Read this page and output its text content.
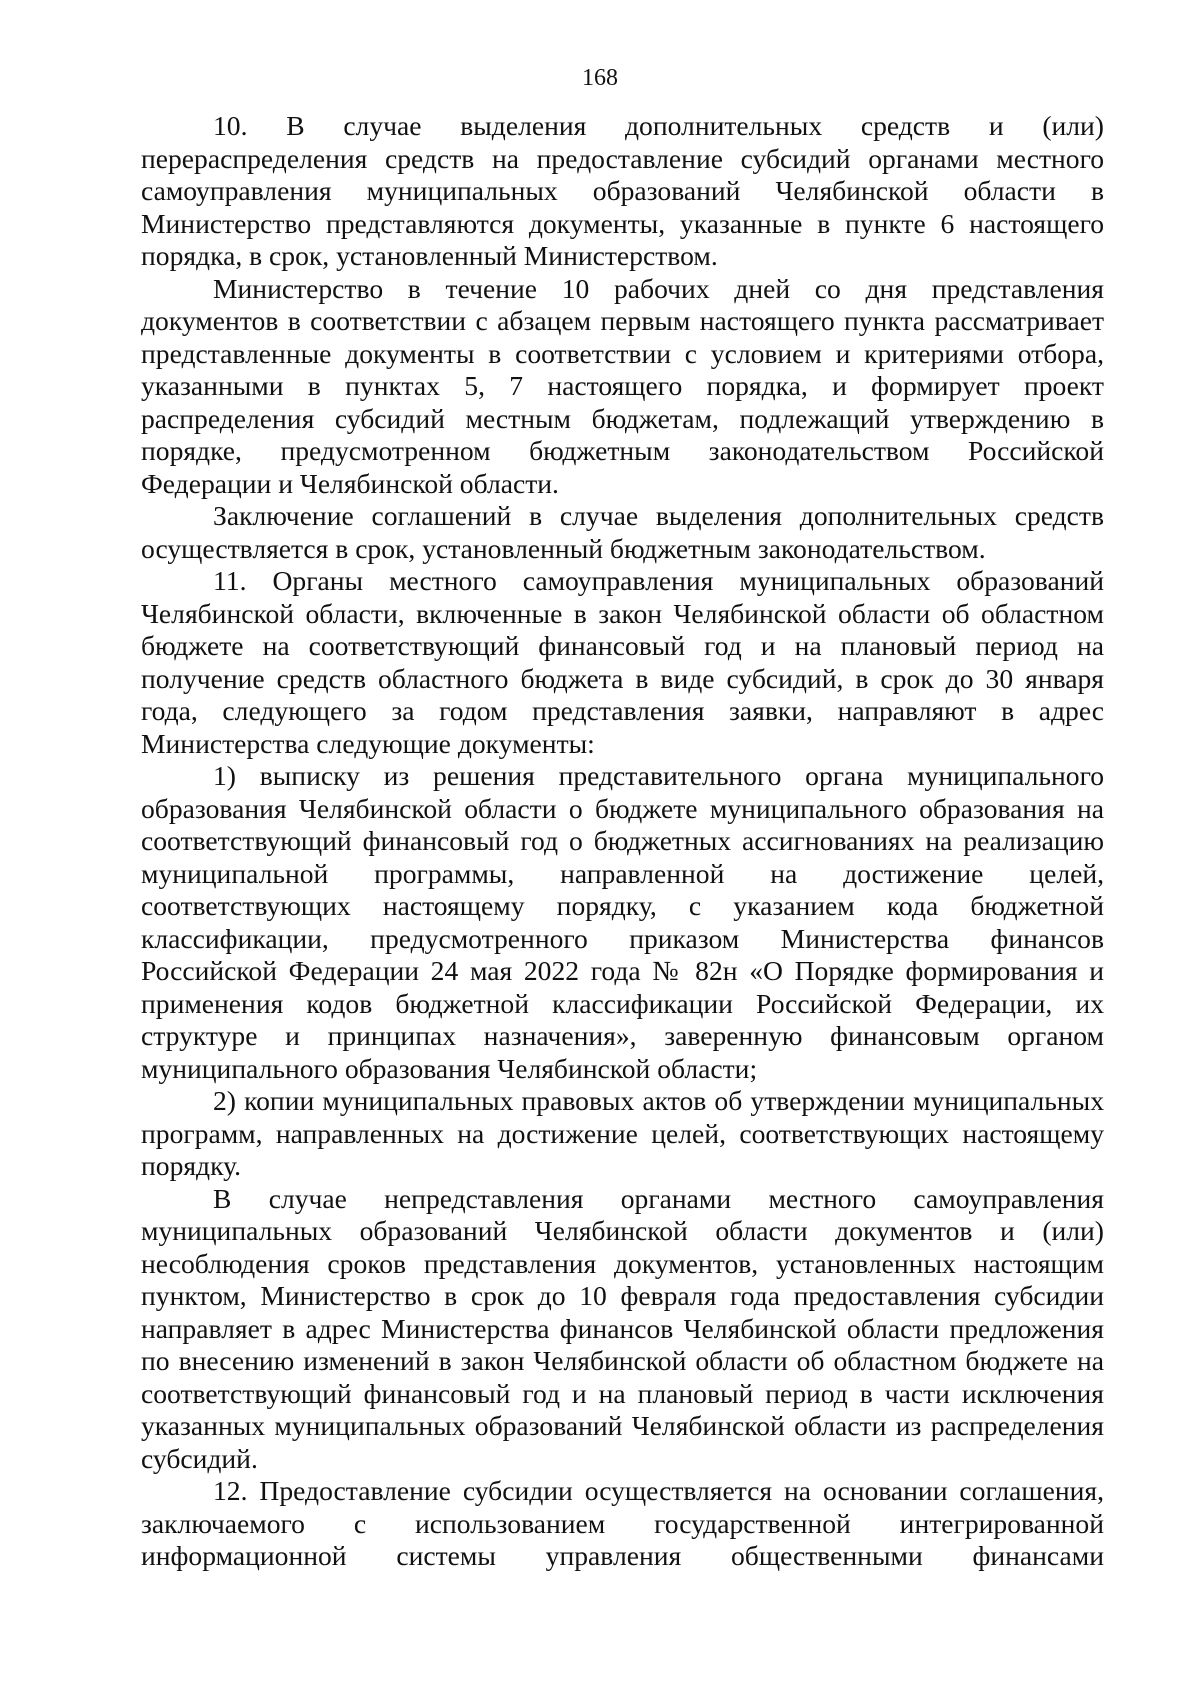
168

10. В случае выделения дополнительных средств и (или) перераспределения средств на предоставление субсидий органами местного самоуправления муниципальных образований Челябинской области в Министерство представляются документы, указанные в пункте 6 настоящего порядка, в срок, установленный Министерством.

Министерство в течение 10 рабочих дней со дня представления документов в соответствии с абзацем первым настоящего пункта рассматривает представленные документы в соответствии с условием и критериями отбора, указанными в пунктах 5, 7 настоящего порядка, и формирует проект распределения субсидий местным бюджетам, подлежащий утверждению в порядке, предусмотренном бюджетным законодательством Российской Федерации и Челябинской области.

Заключение соглашений в случае выделения дополнительных средств осуществляется в срок, установленный бюджетным законодательством.

11. Органы местного самоуправления муниципальных образований Челябинской области, включенные в закон Челябинской области об областном бюджете на соответствующий финансовый год и на плановый период на получение средств областного бюджета в виде субсидий, в срок до 30 января года, следующего за годом представления заявки, направляют в адрес Министерства следующие документы:

1) выписку из решения представительного органа муниципального образования Челябинской области о бюджете муниципального образования на соответствующий финансовый год о бюджетных ассигнованиях на реализацию муниципальной программы, направленной на достижение целей, соответствующих настоящему порядку, с указанием кода бюджетной классификации, предусмотренного приказом Министерства финансов Российской Федерации 24 мая 2022 года № 82н «О Порядке формирования и применения кодов бюджетной классификации Российской Федерации, их структуре и принципах назначения», заверенную финансовым органом муниципального образования Челябинской области;

2) копии муниципальных правовых актов об утверждении муниципальных программ, направленных на достижение целей, соответствующих настоящему порядку.

В случае непредставления органами местного самоуправления муниципальных образований Челябинской области документов и (или) несоблюдения сроков представления документов, установленных настоящим пунктом, Министерство в срок до 10 февраля года предоставления субсидии направляет в адрес Министерства финансов Челябинской области предложения по внесению изменений в закон Челябинской области об областном бюджете на соответствующий финансовый год и на плановый период в части исключения указанных муниципальных образований Челябинской области из распределения субсидий.

12. Предоставление субсидии осуществляется на основании соглашения, заключаемого с использованием государственной интегрированной информационной системы управления общественными финансами
